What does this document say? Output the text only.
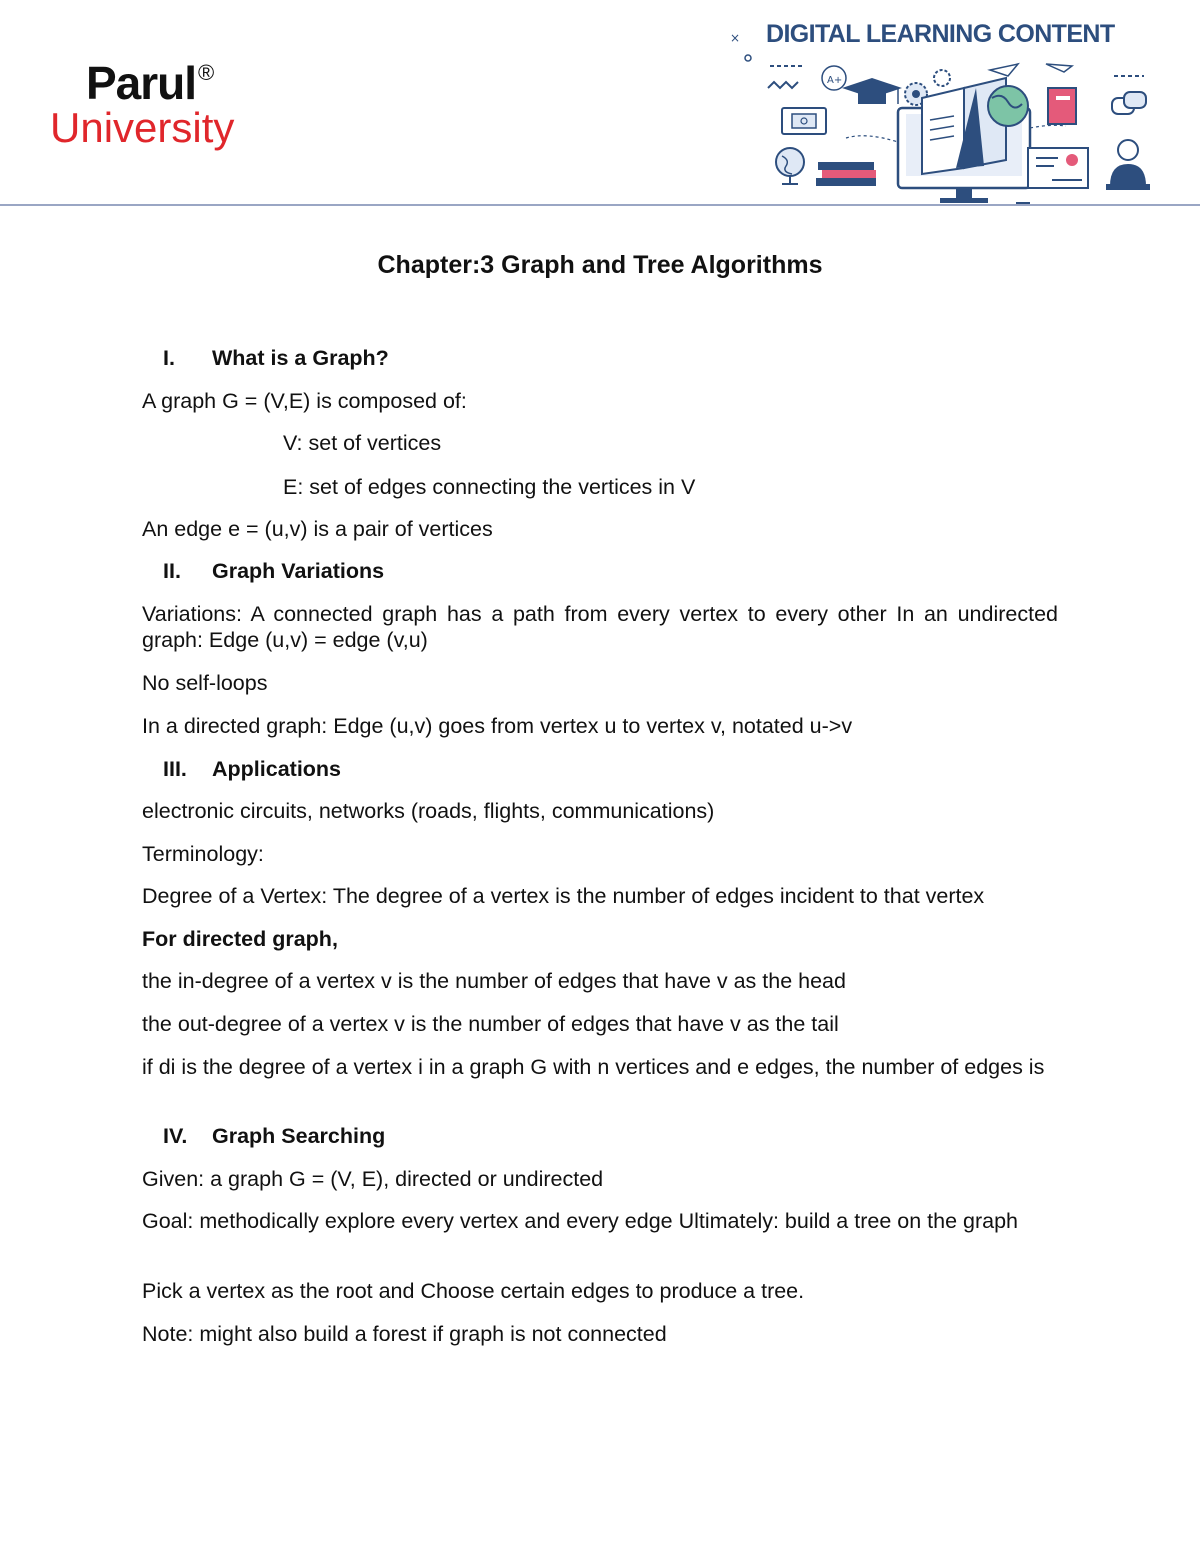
Parul®
University
DIGITAL LEARNING CONTENT
×
A+
Chapter:3 Graph and Tree Algorithms
I. What is a Graph?

A graph G = (V,E) is composed of:

V: set of vertices

E: set of edges connecting the vertices in V

An edge e = (u,v) is a pair of vertices

II. Graph Variations

Variations: A connected graph has a path from every vertex to every other In an undirected graph: Edge (u,v) = edge (v,u)

No self-loops

In a directed graph: Edge (u,v) goes from vertex u to vertex v, notated u->v

III. Applications

electronic circuits, networks (roads, flights, communications)

Terminology:

Degree of a Vertex: The degree of a vertex is the number of edges incident to that vertex

For directed graph,

the in-degree of a vertex v is the number of edges that have v as the head

the out-degree of a vertex v is the number of edges that have v as the tail

if di is the degree of a vertex i in a graph G with n vertices and e edges, the number of edges is

IV. Graph Searching

Given: a graph G = (V, E), directed or undirected

Goal: methodically explore every vertex and every edge Ultimately: build a tree on the graph

Pick a vertex as the root and Choose certain edges to produce a tree.

Note: might also build a forest if graph is not connected
